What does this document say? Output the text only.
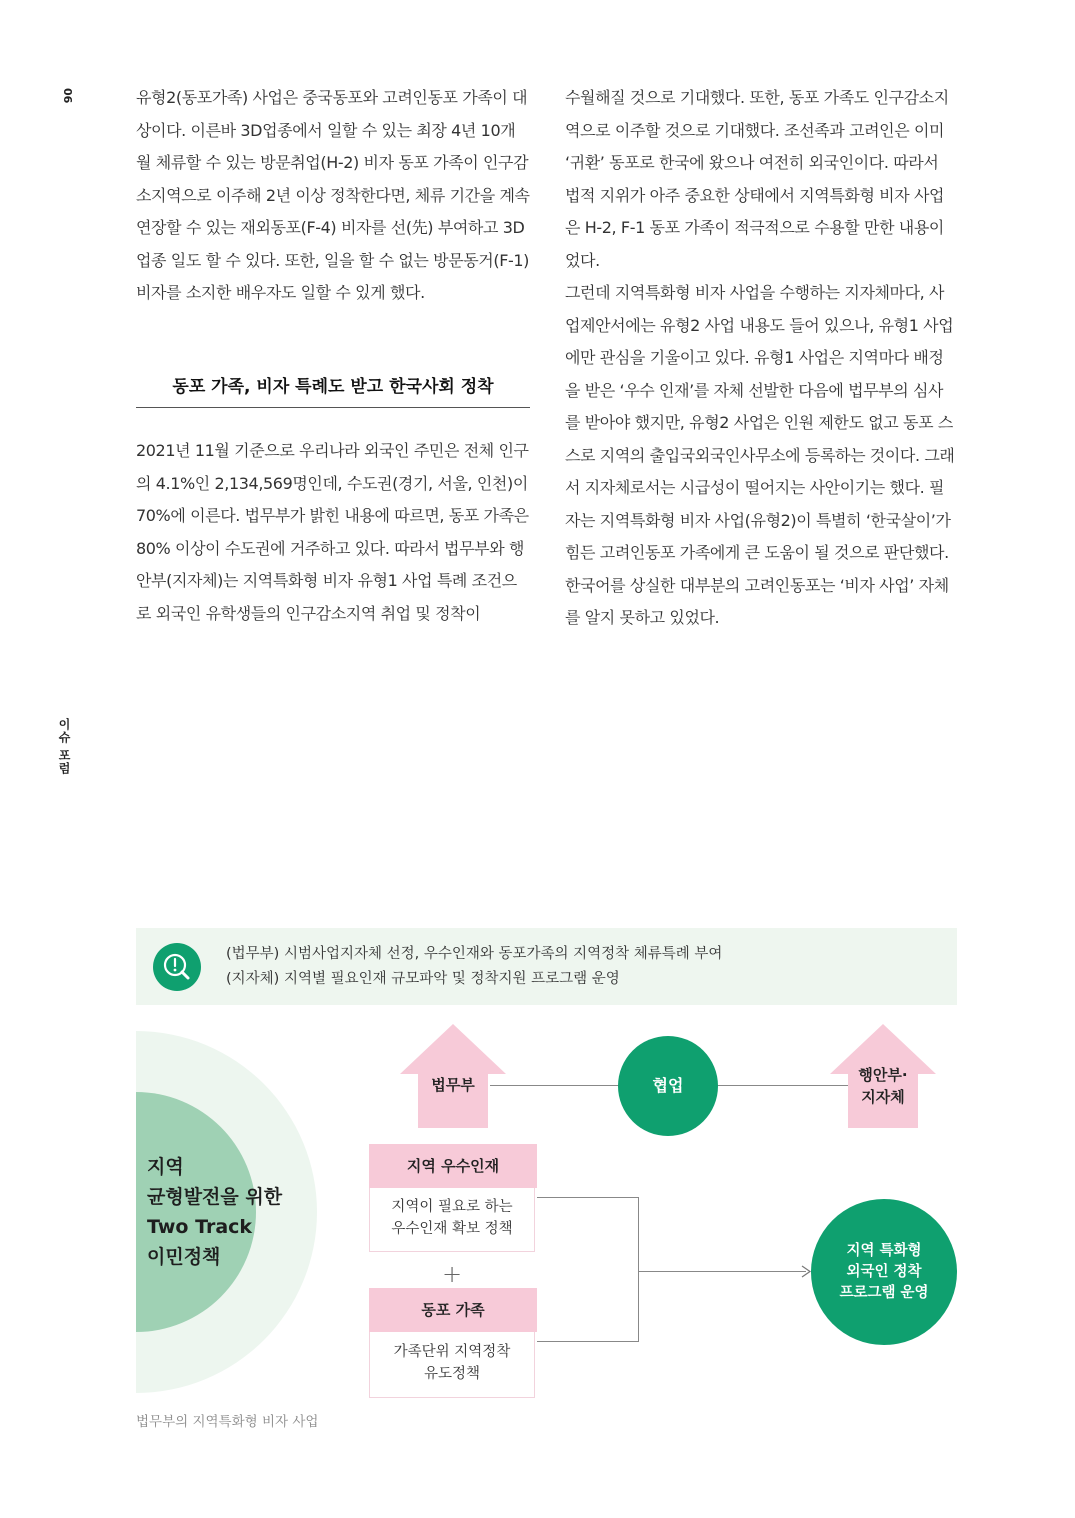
06
이슈 포럼

유형2(동포가족) 사업은 중국동포와 고려인동포 가족이 대상이다. 이른바 3D업종에서 일할 수 있는 최장 4년 10개월 체류할 수 있는 방문취업(H-2) 비자 동포 가족이 인구감소지역으로 이주해 2년 이상 정착한다면, 체류 기간을 계속 연장할 수 있는 재외동포(F-4) 비자를 선(先) 부여하고 3D업종 일도 할 수 있다. 또한, 일을 할 수 없는 방문동거(F-1) 비자를 소지한 배우자도 일할 수 있게 했다.

동포 가족, 비자 특례도 받고 한국사회 정착

2021년 11월 기준으로 우리나라 외국인 주민은 전체 인구의 4.1%인 2,134,569명인데, 수도권(경기, 서울, 인천)이 70%에 이른다. 법무부가 밝힌 내용에 따르면, 동포 가족은 80% 이상이 수도권에 거주하고 있다. 따라서 법무부와 행안부(지자체)는 지역특화형 비자 유형1 사업 특례 조건으로 외국인 유학생들의 인구감소지역 취업 및 정착이

수월해질 것으로 기대했다. 또한, 동포 가족도 인구감소지역으로 이주할 것으로 기대했다. 조선족과 고려인은 이미 ‘귀환’ 동포로 한국에 왔으나 여전히 외국인이다. 따라서 법적 지위가 아주 중요한 상태에서 지역특화형 비자 사업은 H-2, F-1 동포 가족이 적극적으로 수용할 만한 내용이었다.

그런데 지역특화형 비자 사업을 수행하는 지자체마다, 사업제안서에는 유형2 사업 내용도 들어 있으나, 유형1 사업에만 관심을 기울이고 있다. 유형1 사업은 지역마다 배정을 받은 ‘우수 인재’를 자체 선발한 다음에 법무부의 심사를 받아야 했지만, 유형2 사업은 인원 제한도 없고 동포 스스로 지역의 출입국외국인사무소에 등록하는 것이다. 그래서 지자체로서는 시급성이 떨어지는 사안이기는 했다. 필자는 지역특화형 비자 사업(유형2)이 특별히 ‘한국살이’가 힘든 고려인동포 가족에게 큰 도움이 될 것으로 판단했다. 한국어를 상실한 대부분의 고려인동포는 ‘비자 사업’ 자체를 알지 못하고 있었다.

(법무부) 시범사업지자체 선정, 우수인재와 동포가족의 지역정착 체류특례 부여
(지자체) 지역별 필요인재 규모파악 및 정착지원 프로그램 운영
지역
균형발전을 위한
Two Track
이민정책
법무부	협업
행안부·
지자체
지역 우수인재
지역이 필요로 하는
우수인재 확보 정책
+
동포 가족
가족단위 지역정착
유도정책
지역 특화형
외국인 정착
프로그램 운영
법무부의 지역특화형 비자 사업
